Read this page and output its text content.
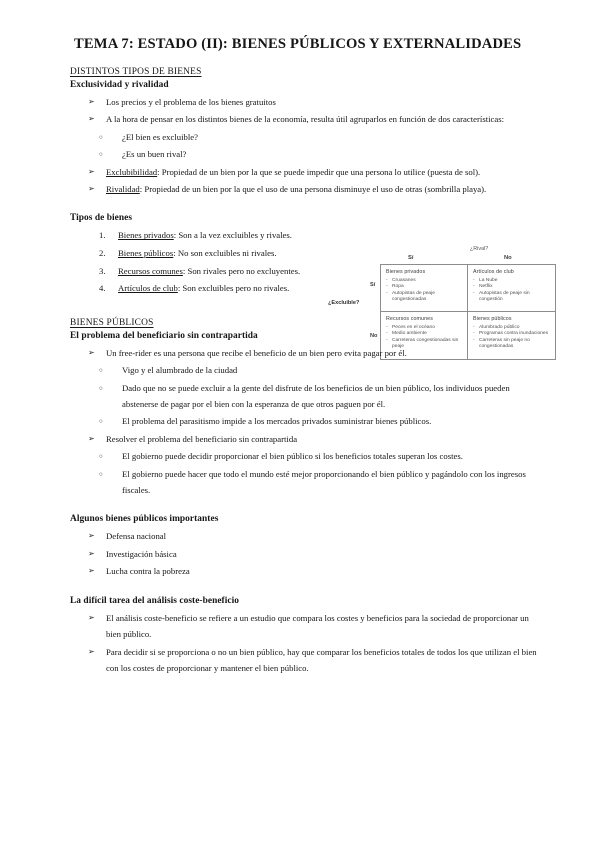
TEMA 7: ESTADO (II): BIENES PÚBLICOS Y EXTERNALIDADES
DISTINTOS TIPOS DE BIENES
Exclusividad y rivalidad
➢ Los precios y el problema de los bienes gratuitos
➢ A la hora de pensar en los distintos bienes de la economía, resulta útil agruparlos en función de dos características:
○ ¿El bien es excluible?
○ ¿Es un buen rival?
➢ Exclubibilidad: Propiedad de un bien por la que se puede impedir que una persona lo utilice (puesta de sol).
➢ Rivalidad: Propiedad de un bien por la que el uso de una persona disminuye el uso de otras (sombrilla playa).
Tipos de bienes
1. Bienes privados: Son a la vez excluibles y rivales.
2. Bienes públicos: No son excluibles ni rivales.
3. Recursos comunes: Son rivales pero no excluyentes.
4. Artículos de club: Son excluibles pero no rivales.
¿Rival?
Sí	No
¿Excluible?
Sí
No
Bienes privados
- Cruasanes
- Ropa
- Autopistas de peaje congestionadas
Artículos de club
- La Nube
- Netflix
- Autopistas de peaje sin congestión
Recursos comunes
- Peces en el océano
- Medio ambiente
- Carreteras congestionadas sin peaje
Bienes públicos
- Alumbrado público
- Programas contra inundaciones
- Carreteras sin peaje no congestionadas
BIENES PÚBLICOS
El problema del beneficiario sin contrapartida
➢ Un free-rider es una persona que recibe el beneficio de un bien pero evita pagar por él.
○ Vigo y el alumbrado de la ciudad
○ Dado que no se puede excluir a la gente del disfrute de los beneficios de un bien público, los individuos pueden abstenerse de pagar por el bien con la esperanza de que otros paguen por él.
○ El problema del parasitismo impide a los mercados privados suministrar bienes públicos.
➢ Resolver el problema del beneficiario sin contrapartida
○ El gobierno puede decidir proporcionar el bien público si los beneficios totales superan los costes.
○ El gobierno puede hacer que todo el mundo esté mejor proporcionando el bien público y pagándolo con los ingresos fiscales.
Algunos bienes públicos importantes
➢ Defensa nacional
➢ Investigación básica
➢ Lucha contra la pobreza
La difícil tarea del análisis coste-beneficio
➢ El análisis coste-beneficio se refiere a un estudio que compara los costes y beneficios para la sociedad de proporcionar un bien público.
➢ Para decidir si se proporciona o no un bien público, hay que comparar los beneficios totales de todos los que utilizan el bien con los costes de proporcionar y mantener el bien público.
